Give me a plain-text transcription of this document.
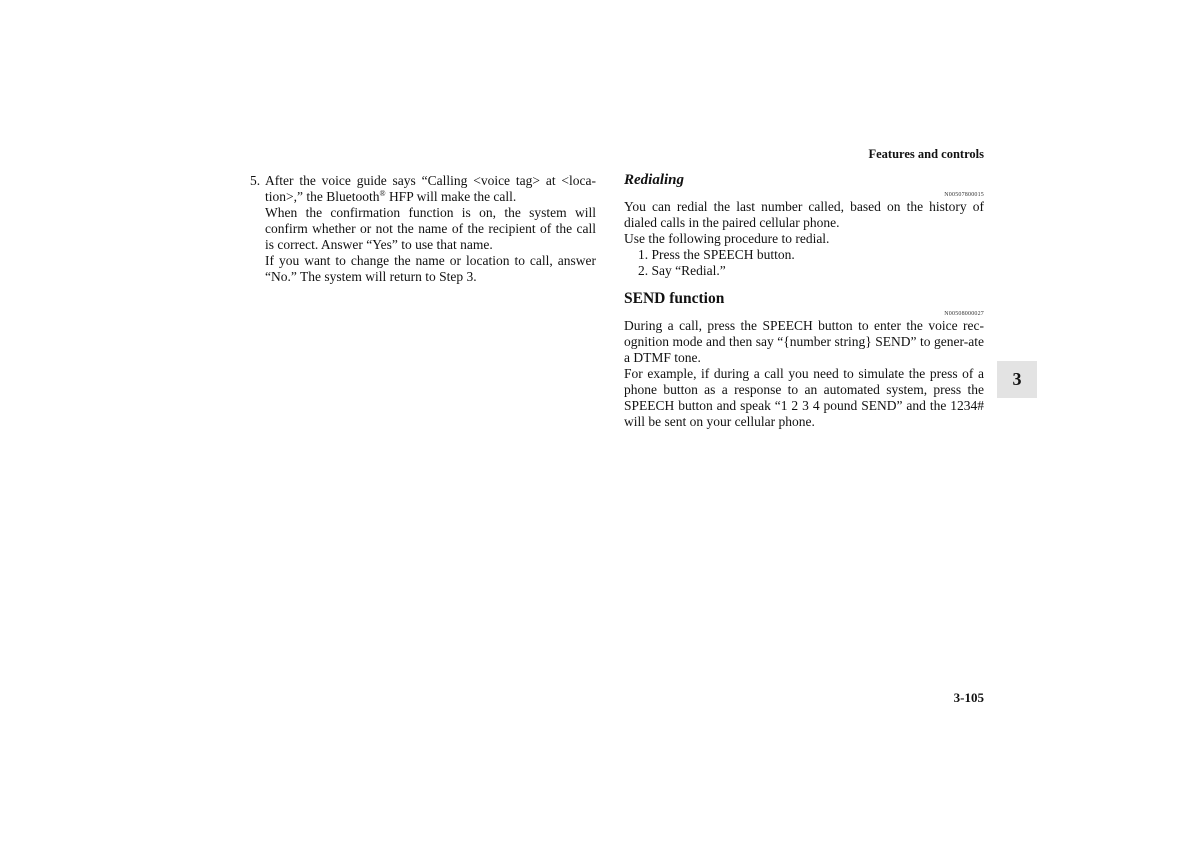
Features and controls
5. After the voice guide says “Calling <voice tag> at <loca-

tion>,” the Bluetooth® HFP will make the call.

When the confirmation function is on, the system will confirm whether or not the name of the recipient of the call is correct. Answer “Yes” to use that name.

If you want to change the name or location to call, answer “No.” The system will return to Step 3.

Redialing

N00507800015

You can redial the last number called, based on the history of dialed calls in the paired cellular phone.

Use the following procedure to redial.

1. Press the SPEECH button.
2. Say “Redial.”
SEND function

N00508000027

During a call, press the SPEECH button to enter the voice rec-ognition mode and then say “{number string} SEND” to gener-ate a DTMF tone.

For example, if during a call you need to simulate the press of a phone button as a response to an automated system, press the SPEECH button and speak “1 2 3 4 pound SEND” and the 1234# will be sent on your cellular phone.

3
3-105
